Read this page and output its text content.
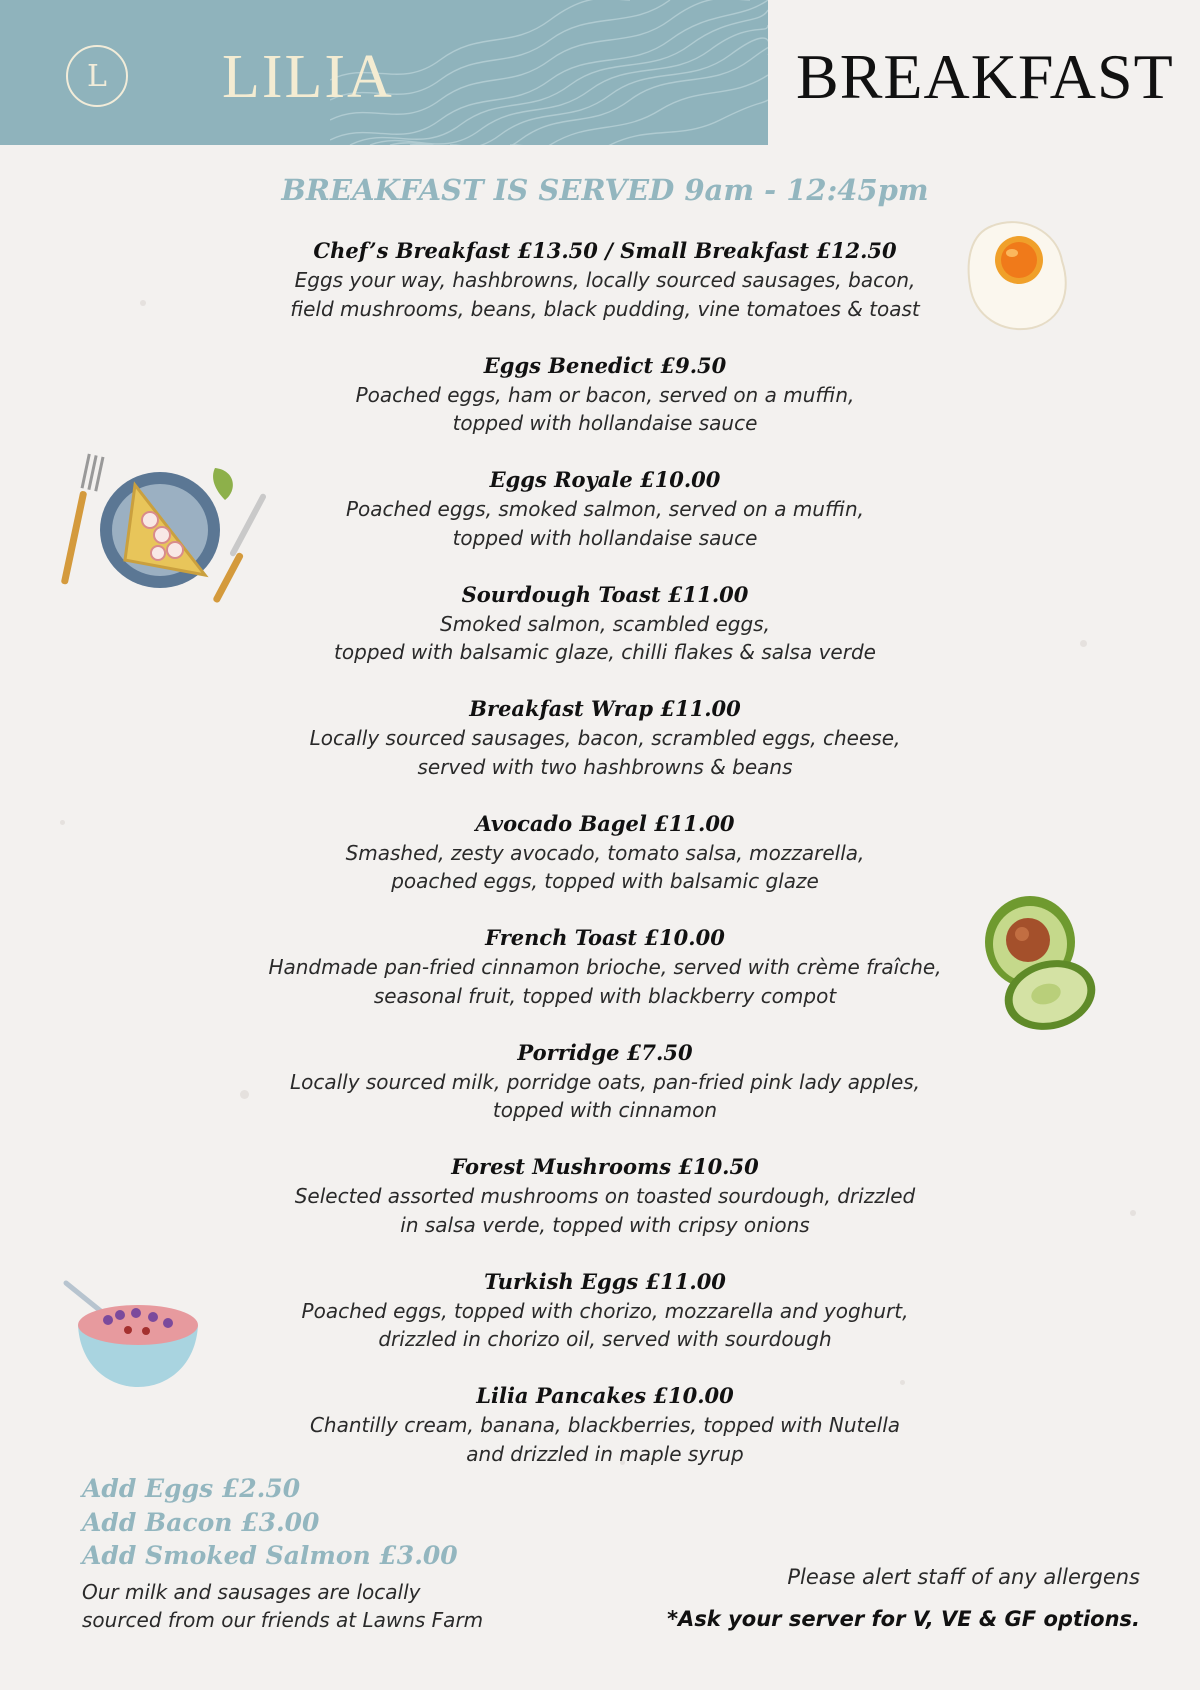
L LILIA	BREAKFAST
BREAKFAST IS SERVED 9am - 12:45pm
Chef’s Breakfast £13.50 / Small Breakfast £12.50
Eggs your way, hashbrowns, locally sourced sausages, bacon,
field mushrooms, beans, black pudding, vine tomatoes & toast
Eggs Benedict £9.50
Poached eggs, ham or bacon, served on a muffin,
topped with hollandaise sauce
Eggs Royale £10.00
Poached eggs, smoked salmon, served on a muffin,
topped with hollandaise sauce
Sourdough Toast £11.00
Smoked salmon, scambled eggs,
topped with balsamic glaze, chilli flakes & salsa verde
Breakfast Wrap £11.00
Locally sourced sausages, bacon, scrambled eggs, cheese,
served with two hashbrowns & beans
Avocado Bagel £11.00
Smashed, zesty avocado, tomato salsa, mozzarella,
poached eggs, topped with balsamic glaze
French Toast £10.00
Handmade pan-fried cinnamon brioche, served with crème fraîche,
seasonal fruit, topped with blackberry compot
Porridge £7.50
Locally sourced milk, porridge oats, pan-fried pink lady apples,
topped with cinnamon
Forest Mushrooms £10.50
Selected assorted mushrooms on toasted sourdough, drizzled
in salsa verde, topped with cripsy onions
Turkish Eggs £11.00
Poached eggs, topped with chorizo, mozzarella and yoghurt,
drizzled in chorizo oil, served with sourdough
Lilia Pancakes £10.00
Chantilly cream, banana, blackberries, topped with Nutella
and drizzled in maple syrup
Add Eggs £2.50
Add Bacon £3.00
Add Smoked Salmon £3.00
Our milk and sausages are locally
sourced from our friends at Lawns Farm
Please alert staff of any allergens
*Ask your server for V, VE & GF options.
